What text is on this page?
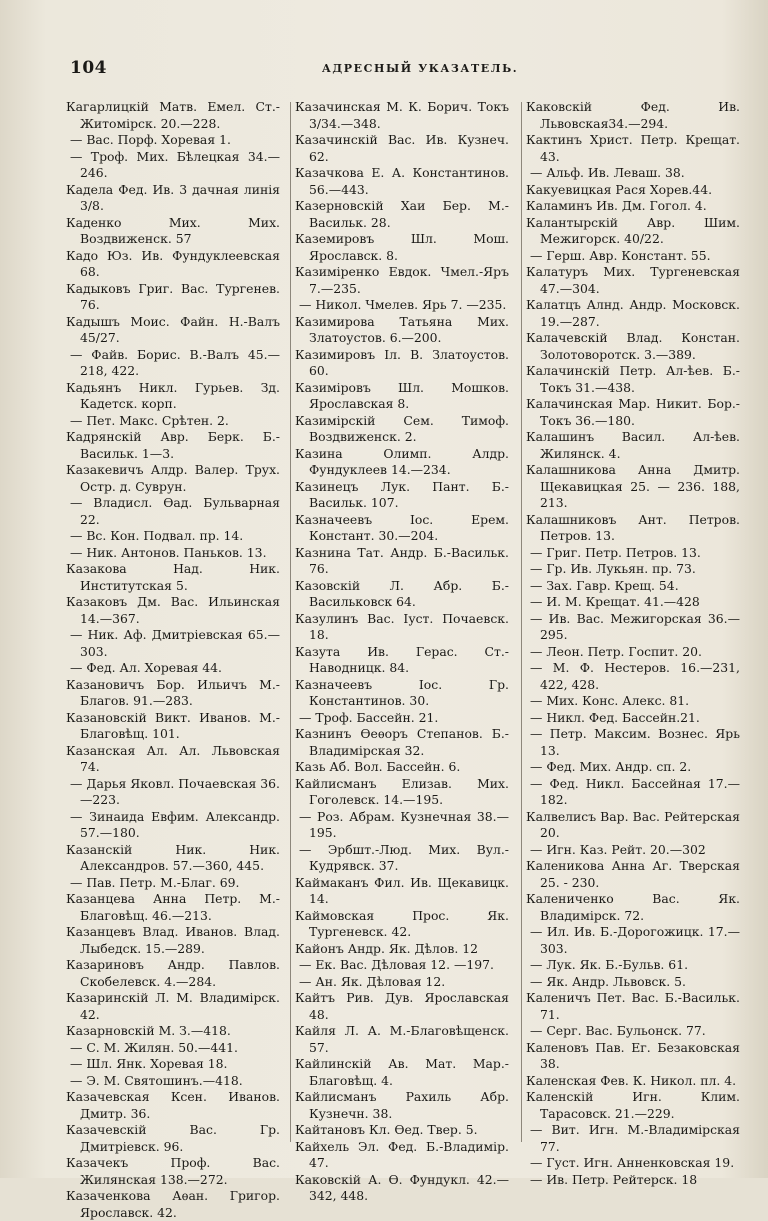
104	АДРЕСНЫЙ УКАЗАТЕЛЬ.
Кагарлицкій Матв. Емел. Ст.-Житомірск. 20.—228.
— Вас. Порф. Хоревая 1.
— Троф. Мих. Бѣлецкая 34.—246.
Кадела Фед. Ив. 3 дачная линія 3/8.
Каденко Мих. Мих. Воздвиженск. 57
Кадо Юз. Ив. Фундуклеевская 68.
Кадыковъ Григ. Вас. Тургенев. 76.
Кадышъ Моис. Файн. Н.-Валъ 45/27.
— Файв. Борис. В.-Валъ 45.—218, 422.
Кадьянъ Никл. Гурьев. Зд. Кадетск. корп.
— Пет. Макс. Срѣтен. 2.
Кадрянскій Авр. Берк. Б.-Васильк. 1—3.
Казакевичъ Алдр. Валер. Трух. Остр. д. Суврун.
— Владисл. Ѳад. Бульварная 22.
— Вс. Кон. Подвал. пр. 14.
— Ник. Антонов. Паньков. 13.
Казакова Над. Ник. Институтская 5.
Казаковъ Дм. Вас. Ильинская 14.—367.
— Ник. Аф. Дмитріевская 65.—303.
— Фед. Ал. Хоревая 44.
Казановичъ Бор. Ильичъ М.-Благов. 91.—283.
Казановскій Викт. Иванов. М.-Благовѣщ. 101.
Казанская Ал. Ал. Львовская 74.
— Дарья Яковл. Почаевская 36.—223.
— Зинаида Евфим. Александр. 57.—180.
Казанскій Ник. Ник. Александров. 57.—360, 445.
— Пав. Петр. М.-Благ. 69.
Казанцева Анна Петр. М.-Благовѣщ. 46.—213.
Казанцевъ Влад. Иванов. Влад. Лыбедск. 15.—289.
Казариновъ Андр. Павлов. Скобелевск. 4.—284.
Казаринскій Л. М. Владимірск. 42.
Казарновскій М. З.—418.
— С. М. Жилян. 50.—441.
— Шл. Янк. Хоревая 18.
— Э. М. Святошинъ.—418.
Казачевская Ксен. Иванов. Дмитр. 36.
Казачевскій Вас. Гр. Дмитріевск. 96.
Казачекъ Проф. Вас. Жилянская 138.—272.
Казаченкова Аѳан. Григор. Ярославск. 42.
Казачинская М. К. Борич. Токъ 3/34.—348.
Казачинскій Вас. Ив. Кузнеч. 62.
Казачкова Е. А. Константинов. 56.—443.
Казерновскій Хаи Бер. М.-Васильк. 28.
Каземировъ Шл. Мош. Ярославск. 8.
Казиміренко Евдок. Чмел.-Яръ 7.—235.
— Никол. Чмелев. Ярь 7. —235.
Казимирова Татьяна Мих. Златоустов. 6.—200.
Казимировъ Іл. В. Златоустов. 60.
Казиміровъ Шл. Мошков. Ярославская 8.
Казимірскій Сем. Тимоф. Воздвиженск. 2.
Казина Олимп. Алдр. Фундуклеев 14.—234.
Казинецъ Лук. Пант. Б.-Васильк. 107.
Казначеевъ Іос. Ерем. Констант. 30.—204.
Казнина Тат. Андр. Б.-Васильк. 76.
Казовскій Л. Абр. Б.-Васильковск 64.
Казулинъ Вас. Іуст. Почаевск. 18.
Казута Ив. Герас. Ст.-Наводницк. 84.
Казначеевъ Іос. Гр. Константинов. 30.
— Троф. Бассейн. 21.
Казнинъ Ѳеѳоръ Степанов. Б.-Владимірская 32.
Казь Аб. Вол. Бассейн. 6.
Кайлисманъ Елизав. Мих. Гоголевск. 14.—195.
— Роз. Абрам. Кузнечная 38.—195.
— Эрбшт.-Люд. Мих. Вул.-Кудрявск. 37.
Каймаканъ Фил. Ив. Щекавицк. 14.
Каймовская Прос. Як. Тургеневск. 42.
Кайонъ Андр. Як. Дѣлов. 12
— Ек. Вас. Дѣловая 12. —197.
— Ан. Як. Дѣловая 12.
Кайтъ Рив. Дув. Ярославская 48.
Кайля Л. А. М.-Благовѣщенск. 57.
Кайлинскій Ав. Мат. Мар.-Благовѣщ. 4.
Кайлисманъ Рахиль Абр. Кузнечн. 38.
Кайтановъ Кл. Ѳед. Твер. 5.
Кайхель Эл. Фед. Б.-Владимір. 47.
Каковскій А. Ѳ. Фундукл. 42.—342, 448.
Каковскій Фед. Ив. Львовская34.—294.
Кактинъ Христ. Петр. Крещат. 43.
— Альф. Ив. Леваш. 38.
Какуевицкая Рася Хорев.44.
Каламинъ Ив. Дм. Гогол. 4.
Калантырскій Авр. Шим. Межигорск. 40/22.
— Герш. Авр. Констант. 55.
Калатуръ Мих. Тургеневская 47.—304.
Калатцъ Алнд. Андр. Московск. 19.—287.
Калачевскій Влад. Констан. Золотоворотск. 3.—389.
Калачинскій Петр. Ал-ѣев. Б.-Токъ 31.—438.
Калачинская Мар. Никит. Бор.-Токъ 36.—180.
Калашинъ Васил. Ал-ѣев. Жилянск. 4.
Калашникова Анна Дмитр. Щекавицкая 25. — 236. 188, 213.
Калашниковъ Ант. Петров. Петров. 13.
— Григ. Петр. Петров. 13.
— Гр. Ив. Лукьян. пр. 73.
— Зах. Гавр. Крещ. 54.
— И. М. Крещат. 41.—428
— Ив. Вас. Межигорская 36.—295.
— Леон. Петр. Госпит. 20.
— М. Ф. Нестеров. 16.—231, 422, 428.
— Мих. Конс. Алекс. 81.
— Никл. Фед. Бассейн.21.
— Петр. Максим. Вознес. Ярь 13.
— Фед. Мих. Андр. сп. 2.
— Фед. Никл. Бассейная 17.—182.
Калвелисъ Вар. Вас. Рейтерская 20.
— Игн. Каз. Рейт. 20.—302
Каленикова Анна Аг. Тверская 25. - 230.
Калениченко Вас. Як. Владимірск. 72.
— Ил. Ив. Б.-Дорогожицк. 17.—303.
— Лук. Як. Б.-Бульв. 61.
— Як. Андр. Львовск. 5.
Каленичъ Пет. Вас. Б.-Васильк. 71.
— Серг. Вас. Бульонск. 77.
Каленовъ Пав. Ег. Безаковская 38.
Каленская Фев. К. Никол. пл. 4.
Каленскій Игн. Клим. Тарасовск. 21.—229.
— Вит. Игн. М.-Владимірская 77.
— Густ. Игн. Анненковская 19.
— Ив. Петр. Рейтерск. 18
